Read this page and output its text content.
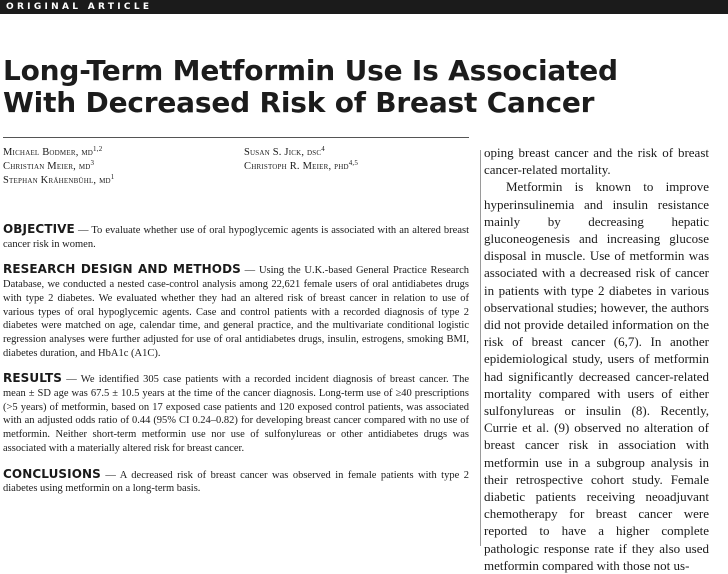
ORIGINAL ARTICLE
Long-Term Metformin Use Is Associated
With Decreased Risk of Breast Cancer
Michael Bodmer, md$^{1,2}$
Christian Meier, $md^3$
Stephan Krähenbühl, $md^1$
Susan S. Jick, dsc$^4$
Christoph R. Meier, phd$^{4,5}$

OBJECTIVE — To evaluate whether use of oral hypoglycemic agents is associated with an altered breast cancer risk in women.

RESEARCH DESIGN AND METHODS — Using the U.K.-based General Practice Research Database, we conducted a nested case-control analysis among 22,621 female users of oral antidiabetes drugs with type 2 diabetes. We evaluated whether they had an altered risk of breast cancer in relation to use of various types of oral hypoglycemic agents. Case and control patients with a recorded diagnosis of type 2 diabetes were matched on age, calendar time, and general practice, and the multivariate conditional logistic regression analyses were further adjusted for use of oral antidiabetes drugs, insulin, estrogens, smoking BMI, diabetes duration, and HbA1c (A1C).

RESULTS — We identified 305 case patients with a recorded incident diagnosis of breast cancer. The mean ± SD age was 67.5 ± 10.5 years at the time of the cancer diagnosis. Long-term use of ≥40 prescriptions (>5 years) of metformin, based on 17 exposed case patients and 120 exposed control patients, was associated with an adjusted odds ratio of 0.44 (95% CI 0.24–0.82) for developing breast cancer compared with no use of metformin. Neither short-term metformin use nor use of sulfonylureas or other antidiabetes drugs was associated with a materially altered risk for breast cancer.

CONCLUSIONS — A decreased risk of breast cancer was observed in female patients with type 2 diabetes using metformin on a long-term basis.

oping breast cancer and the risk of breast cancer-related mortality.

Metformin is known to improve hyperinsulinemia and insulin resistance mainly by decreasing hepatic gluconeogenesis and increasing glucose disposal in muscle. Use of metformin was associated with a decreased risk of cancer in patients with type 2 diabetes in various observational studies; however, the authors did not provide detailed information on the risk of breast cancer (6,7). In another epidemiological study, users of metformin had significantly decreased cancer-related mortality compared with users of either sulfonylureas or insulin (8). Recently, Currie et al. (9) observed no alteration of breast cancer risk in association with metformin use in a subgroup analysis in their retrospective cohort study. Female diabetic patients receiving neoadjuvant chemotherapy for breast cancer were reported to have a higher complete pathologic response rate if they also used metformin compared with those not us-
